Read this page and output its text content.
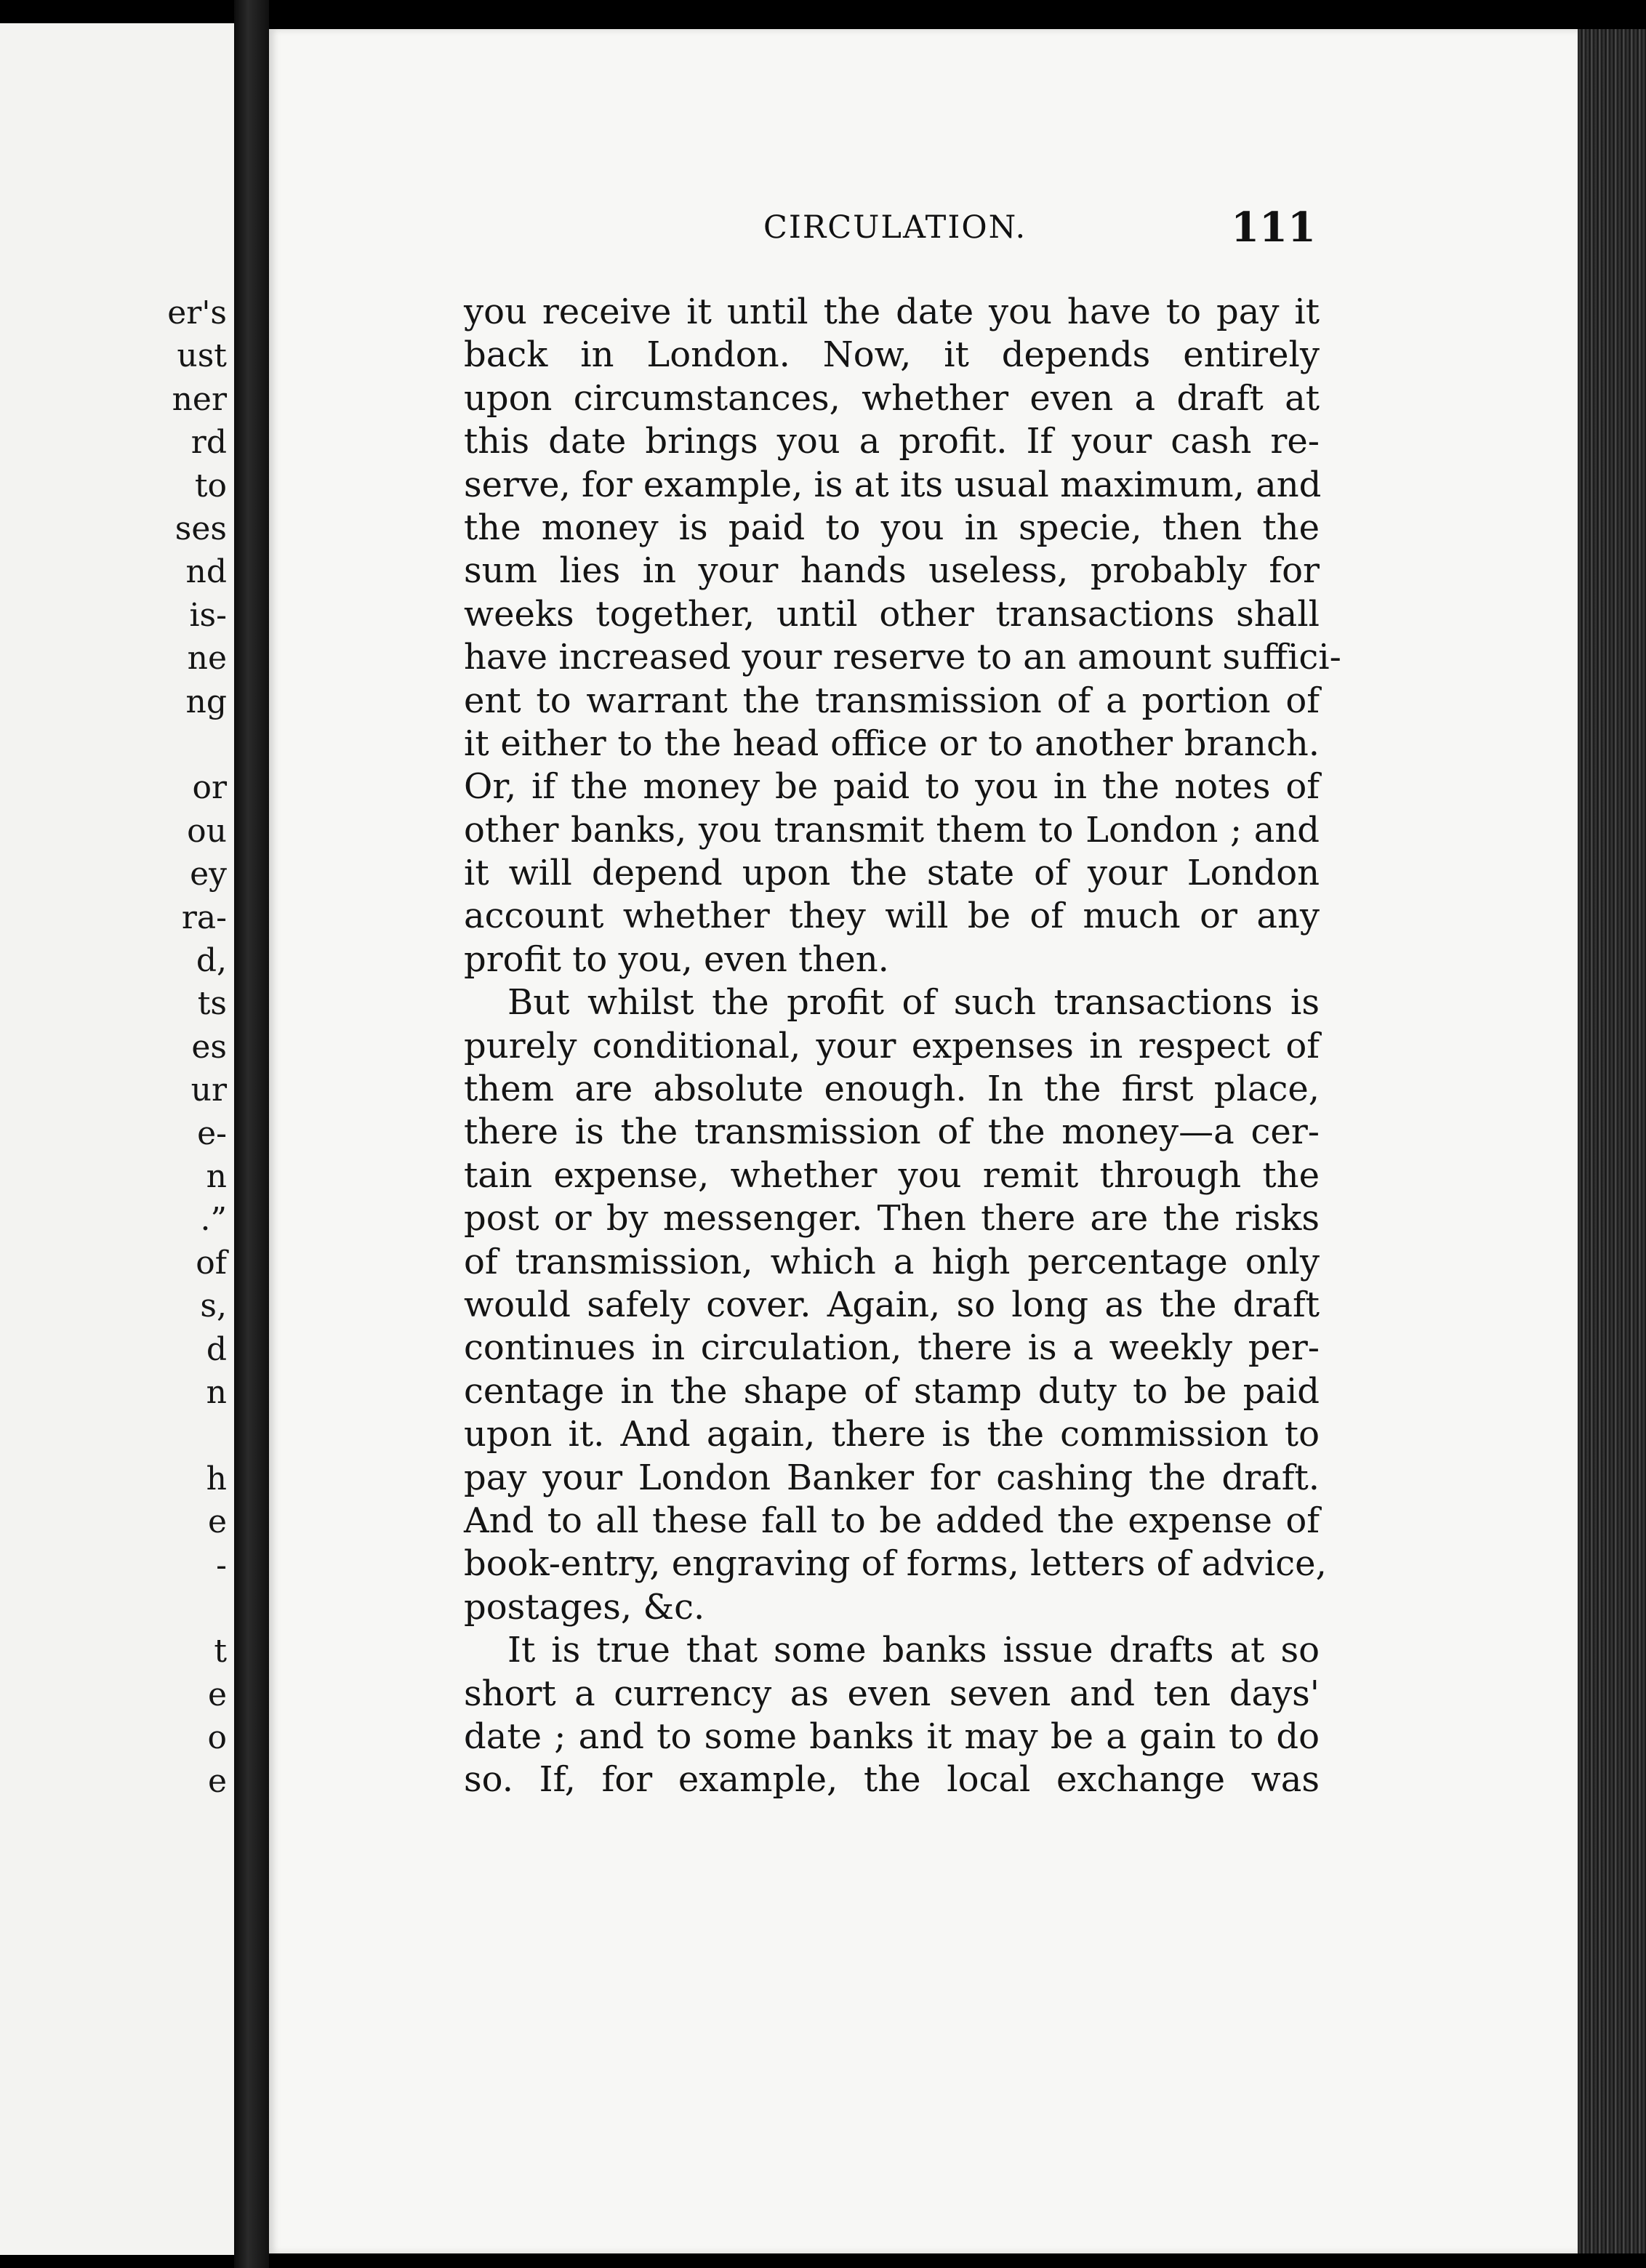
er's
ust
ner
rd
to
ses
nd
is-
ne
ng
or
ou
ey
ra-
d,
ts
es
ur
e-
n
.”
of
s,
d
n
h
e
-
t
e
o
e
CIRCULATION.	111
you receive it until the date you have to pay it
back in London. Now, it depends entirely
upon circumstances, whether even a draft at
this date brings you a profit. If your cash re-
serve, for example, is at its usual maximum, and
the money is paid to you in specie, then the
sum lies in your hands useless, probably for
weeks together, until other transactions shall
have increased your reserve to an amount suffici-
ent to warrant the transmission of a portion of
it either to the head office or to another branch.
Or, if the money be paid to you in the notes of
other banks, you transmit them to London ; and
it will depend upon the state of your London
account whether they will be of much or any
profit to you, even then.
But whilst the profit of such transactions is
purely conditional, your expenses in respect of
them are absolute enough. In the first place,
there is the transmission of the money—a cer-
tain expense, whether you remit through the
post or by messenger. Then there are the risks
of transmission, which a high percentage only
would safely cover. Again, so long as the draft
continues in circulation, there is a weekly per-
centage in the shape of stamp duty to be paid
upon it. And again, there is the commission to
pay your London Banker for cashing the draft.
And to all these fall to be added the expense of
book-entry, engraving of forms, letters of advice,
postages, &c.
It is true that some banks issue drafts at so
short a currency as even seven and ten days'
date ; and to some banks it may be a gain to do
so. If, for example, the local exchange was
